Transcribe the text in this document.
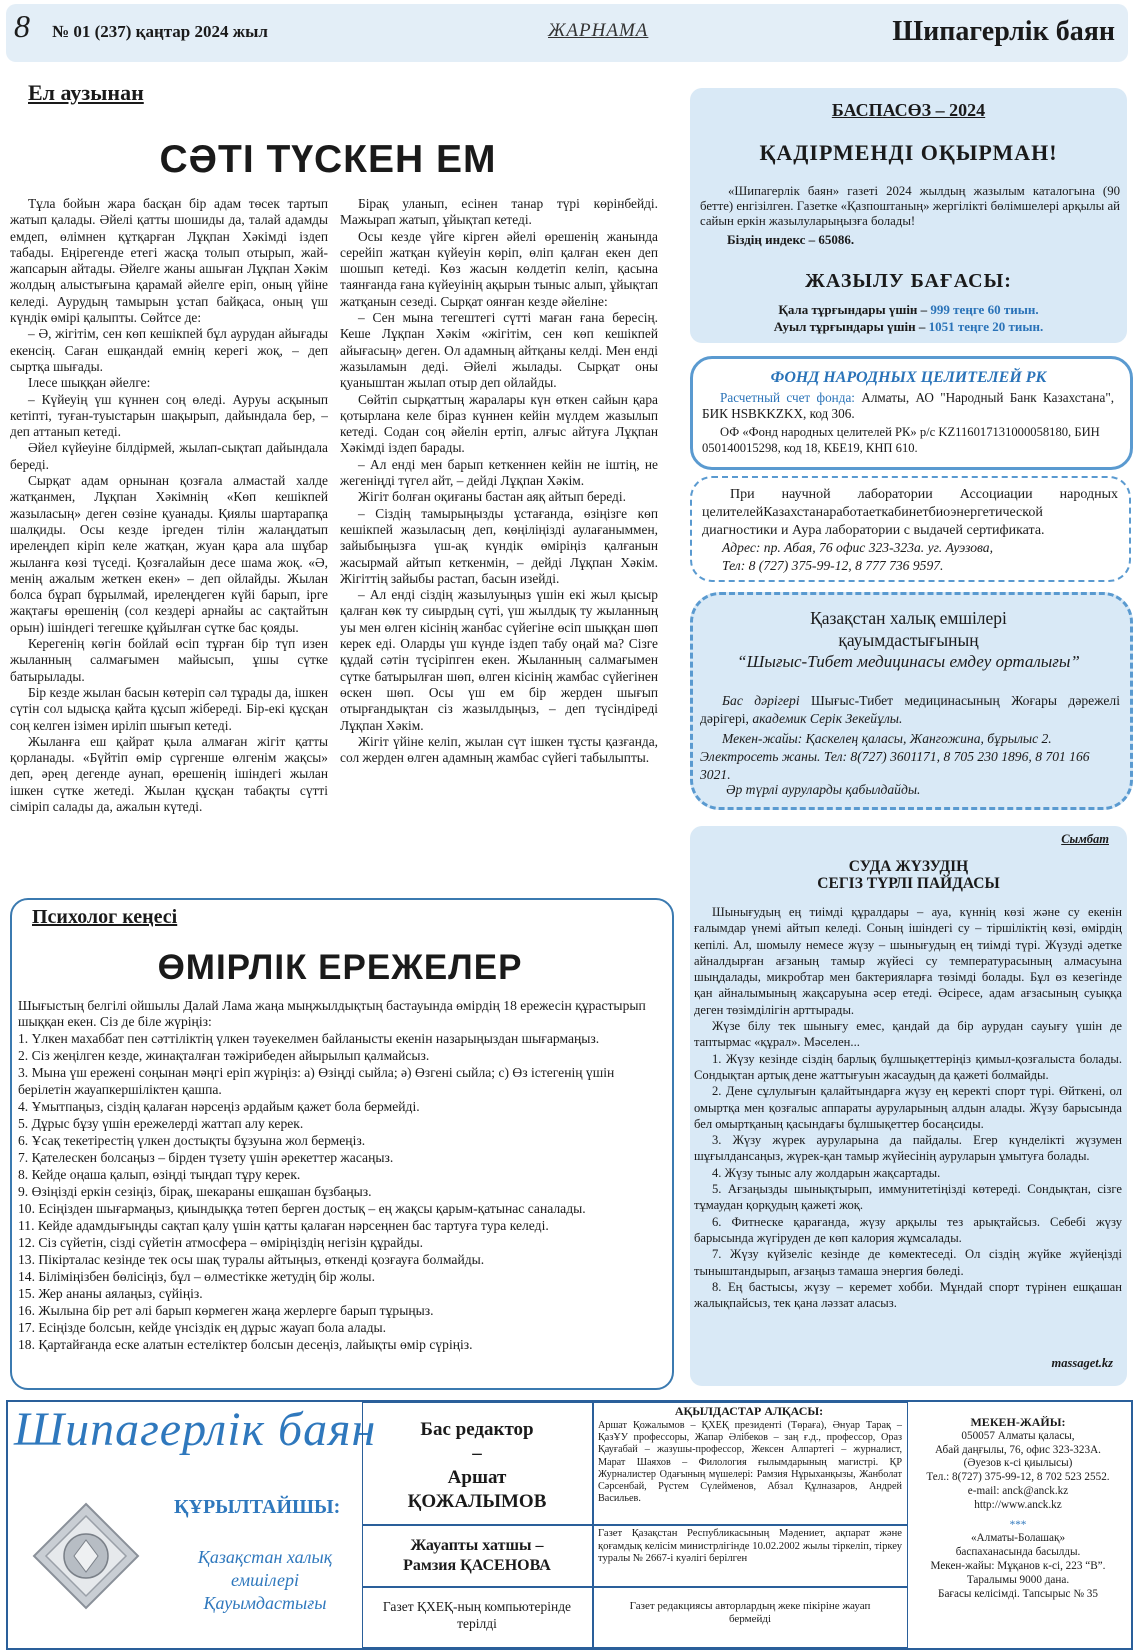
8 № 01 (237) қаңтар 2024 жыл	ЖАРНАМА	Шипагерлік баян
Ел аузынан
СӘТІ ТҮСКЕН ЕМ

Тұла бойын жара басқан бір адам төсек тартып жатып қалады. Әйелі қатты шошиды да, талай адамды емдеп, өлімнен құтқарған Лұқпан Хәкімді іздеп табады. Еңірегенде етегі жасқа толып отырып, жай-жапсарын айтады. Әйелге жаны ашыған Лұқпан Хәкім жолдың алыстығына қарамай әйелге еріп, оның үйіне келеді. Аурудың тамырын ұстап байқаса, оның үш күндік өмірі қалыпты. Сөйтсе де:

– Ә, жігітім, сен көп кешікпей бұл аурудан айығады екенсің. Саған ешқандай емнің керегі жоқ, – деп сыртқа шығады.

Ілесе шыққан әйелге:

– Күйеуің үш күннен соң өледі. Ауруы асқынып кетіпті, туған-туыстарын шақырып, дайындала бер, – деп аттанып кетеді.

Әйел күйеуіне білдірмей, жылап-сықтап дайындала береді.

Сырқат адам орнынан қозғала алмастай халде жатқанмен, Лұқпан Хәкімнің «Көп кешікпей жазыласың» деген сөзіне қуанады. Қиялы шартарапқа шалқиды. Осы кезде іргеден тілін жалаңдатып ирелеңдеп кіріп келе жатқан, жуан қара ала шұбар жыланға көзі түседі. Қозғалайын десе шама жоқ. «Ә, менің ажалым жеткен екен» – деп ойлайды. Жылан болса бұрап бұрылмай, ирелеңдеген күйі барып, ірге жақтағы өрешенің (сол кездері арнайы ас сақтайтын орын) ішіндегі тегешке құйылған сүтке бас қояды.

Керегенің көгін бойлай өсіп тұрған бір түп изен жыланның салмағымен майысып, ұшы сүтке батырылады.

Бір кезде жылан басын көтеріп сәл тұрады да, ішкен сүтін сол ыдысқа қайта құсып жібереді. Бір-екі құсқан соң келген ізімен иріліп шығып кетеді.

Жыланға еш қайрат қыла алмаған жігіт қатты қорланады. «Бүйтіп өмір сүргенше өлгенім жақсы» деп, әрең дегенде аунап, өрешенің ішіндегі жылан ішкен сүтке жетеді. Жылан құсқан табақты сүтті сіміріп салады да, ажалын күтеді.

Бірақ уланып, есінен танар түрі көрінбейді. Мажырап жатып, ұйықтап кетеді.

Осы кезде үйге кірген әйелі өрешенің жанында серейіп жатқан күйеуін көріп, өліп қалған екен деп шошып кетеді. Көз жасын көлдетіп келіп, қасына таянғанда ғана күйеуінің ақырын тыныс алып, ұйықтап жатқанын сезеді. Сырқат оянған кезде әйеліне:

– Сен мына тегештегі сүтті маған ғана бересің. Кеше Лұқпан Хәкім «жігітім, сен көп кешікпей айығасың» деген. Ол адамның айтқаны келді. Мен енді жазыламын деді. Әйелі жылады. Сырқат оны қуаныштан жылап отыр деп ойлайды.

Сөйтіп сырқаттың жаралары күн өткен сайын қара қотырлана келе біраз күннен кейін мүлдем жазылып кетеді. Содан соң әйелін ертіп, алғыс айтуға Лұқпан Хәкімді іздеп барады.

– Ал енді мен барып кеткеннен кейін не іштің, не жегеніңді түгел айт, – дейді Лұқпан Хәкім.

Жігіт болған оқиғаны бастан аяқ айтып береді.

– Сіздің тамырыңызды ұстағанда, өзіңізге көп кешікпей жазыласың деп, көңіліңізді аулағаныммен, зайыбыңызға үш-ақ күндік өміріңіз қалғанын жасырмай айтып кеткенмін, – дейді Лұқпан Хәкім. Жігіттің зайыбы растап, басын изейді.

– Ал енді сіздің жазылуыңыз үшін екі жыл қысыр қалған көк ту сиырдың сүті, үш жылдық ту жыланның уы мен өлген кісінің жанбас сүйегіне өсіп шыққан шөп керек еді. Оларды үш күнде іздеп табу оңай ма? Сізге құдай сәтін түсіріпген екен. Жыланның салмағымен сүтке батырылған шөп, өлген кісінің жамбас сүйегінен өскен шөп. Осы үш ем бір жерден шығып отырғандықтан сіз жазылдыңыз, – деп түсіндіреді Лұқпан Хәкім.

Жігіт үйіне келіп, жылан сүт ішкен тұсты қазғанда, сол жерден өлген адамның жамбас сүйегі табылыпты.

Психолог кеңесі
ӨМІРЛІК ЕРЕЖЕЛЕР

Шығыстың белгілі ойшылы Далай Лама жаңа мыңжылдықтың бастауында өмірдің 18 ережесін құрастырып шыққан екен. Сіз де біле жүріңіз:

1. Үлкен махаббат пен сәттіліктің үлкен тәуекелмен байланысты екенін назарыңыздан шығармаңыз.

2. Сіз жеңілген кезде, жинақталған тәжірибеден айырылып қалмайсыз.

3. Мына үш ережені соңынан мәңгі еріп жүріңіз: а) Өзіңді сыйла; ә) Өзгені сыйла; с) Өз істегенің үшін берілетін жауапкершіліктен қашпа.

4. Ұмытпаңыз, сіздің қалаған нәрсеңіз әрдайым қажет бола бермейді.

5. Дұрыс бұзу үшін ережелерді жаттап алу керек.

6. Ұсақ текетірестің үлкен достықты бұзуына жол бермеңіз.

7. Қателескен болсаңыз – бірден түзету үшін әрекеттер жасаңыз.

8. Кейде оңаша қалып, өзіңді тыңдап тұру керек.

9. Өзіңізді еркін сезіңіз, бірақ, шекараны ешқашан бұзбаңыз.

10. Есіңізден шығармаңыз, қиындыққа төтеп берген достық – ең жақсы қарым-қатынас саналады.

11. Кейде адамдығыңды сақтап қалу үшін қатты қалаған нәрсеңнен бас тартуға тура келеді.

12. Сіз сүйетін, сізді сүйетін атмосфера – өміріңіздің негізін құрайды.

13. Пікірталас кезінде тек осы шақ туралы айтыңыз, өткенді қозғауға болмайды.

14. Біліміңізбен бөлісіңіз, бұл – өлместікке жетудің бір жолы.

15. Жер ананы аялаңыз, сүйіңіз.

16. Жылына бір рет әлі барып көрмеген жаңа жерлерге барып тұрыңыз.

17. Есіңізде болсын, кейде үнсіздік ең дұрыс жауап бола алады.

18. Қартайғанда еске алатын естеліктер болсын десеңіз, лайықты өмір сүріңіз.

БАСПАСӨЗ – 2024
ҚАДІРМЕНДІ ОҚЫРМАН!
«Шипагерлік баян» газеті 2024 жылдың жазылым каталогына (90 бетте) енгізілген. Газетке «Қазпоштаның» жергілікті бөлімшелері арқылы ай сайын еркін жазылуларыңызға болады!
Біздің индекс – 65086.
ЖАЗЫЛУ БАҒАСЫ:
Қала тұрғындары үшін – 999 теңге 60 тиын.
Ауыл тұрғындары үшін – 1051 теңге 20 тиын.
ФОНД НАРОДНЫХ ЦЕЛИТЕЛЕЙ РК
Расчетный счет фонда: Алматы, АО "Народный Банк Казахстана", БИК HSBKKZKX, код 306.
ОФ «Фонд народных целителей РК» р/с KZ116017131000058180, БИН 050140015298, код 18, КБЕ19, КНП 610.
При научной лаборатории Ассоциации народных целителейКазахстанаработаеткабинетбиоэнергетической диагностики и Аура лаборатории с выдачей сертификата.
Адрес: пр. Абая, 76 офис 323-323а. уг. Ауэзова,
Тел: 8 (727) 375-99-12, 8 777 736 9597.
Қазақстан халық емшілері
қауымдастығының
“Шығыс-Тибет медицинасы емдеу орталығы”
Бас дәрігері Шығыс-Тибет медицинасының Жоғары дәрежелі дәрігері, академик Серік Зекейұлы.
Мекен-жайы: Қаскелең қаласы, Жангожина, бұрылыс 2. Электросеть жаны. Тел: 8(727) 3601171, 8 705 230 1896, 8 701 166 3021.
Әр түрлі ауруларды қабылдайды.
Сымбат
СУДА ЖҮЗУДІҢ
СЕГІЗ ТҮРЛІ ПАЙДАСЫ

Шынығудың ең тиімді құралдары – ауа, күннің көзі және су екенін ғалымдар үнемі айтып келеді. Соның ішіндегі су – тіршіліктің көзі, өмірдің кепілі. Ал, шомылу немесе жүзу – шынығудың ең тиімді түрі. Жүзуді әдетке айналдырған ағзаның тамыр жүйесі су температурасының алмасуына шыңдалады, микробтар мен бактерияларға төзімді болады. Бұл өз кезегінде қан айналымының жақсаруына әсер етеді. Әсіресе, адам ағзасының суыққа деген төзімділігін арттырады.

Жүзе білу тек шынығу емес, қандай да бір аурудан сауығу үшін де таптырмас «құрал». Мәселен...

1. Жүзу кезінде сіздің барлық бұлшықеттеріңіз қимыл-қозғалыста болады. Сондықтан артық дене жаттығуын жасаудың да қажеті болмайды.

2. Дене сұлулығын қалайтындарға жүзу ең керекті спорт түрі. Өйткені, ол омыртқа мен қозғалыс аппараты ауруларының алдын алады. Жүзу барысында бел омыртқаның қасындағы бұлшықеттер босаңсиды.

3. Жүзу жүрек ауруларына да пайдалы. Егер күнделікті жүзумен шұғылдансаңыз, жүрек-қан тамыр жүйесінің ауруларын ұмытуға болады.

4. Жүзу тыныс алу жолдарын жақсартады.

5. Ағзаңызды шынықтырып, иммунитетіңізді көтереді. Сондықтан, сізге тұмаудан қорқудың қажеті жоқ.

6. Фитнеске қарағанда, жүзу арқылы тез арықтайсыз. Себебі жүзу барысында жүгіруден де көп калория жұмсалады.

7. Жүзу күйзеліс кезінде де көмектеседі. Ол сіздің жүйке жүйеңізді тыныштандырып, ағзаңыз тамаша энергия бөледі.

8. Ең бастысы, жүзу – керемет хобби. Мұндай спорт түрінен ешқашан жалықпайсыз, тек қана ләззат аласыз.

massaget.kz
Шипагерлік баян
ҚҰРЫЛТАЙШЫ:
Қазақстан халық
емшілері
Қауымдастығы
Бас редактор
–
Аршат
ҚОЖАЛЫМОВ
Жауапты хатшы –
Рамзия ҚАСЕНОВА
Газет ҚХЕҚ-ның компьютерінде терілді
АҚЫЛДАСТАР АЛҚАСЫ:
Аршат Қожалымов – ҚХЕҚ президенті (Төраға), Әнуар Тарақ – ҚазҰУ профессоры, Жапар Әлібеков – заң ғ.д., профессор, Ораз Қауғабай – жазушы-профессор, Жексен Алпартегі – журналист, Марат Шаяхов – Филология ғылымдарының магистрі. ҚР Журналистер Одағының мүшелері: Рамзия Нұрыханқызы, Жанболат Сәрсенбай, Рүстем Сүлейменов, Абзал Құлназаров, Андрей Васильев.
Газет Қазақстан Республикасының Мәдениет, ақпарат және қоғамдық келісім министрлігінде 10.02.2002 жылы тіркеліп, тіркеу туралы № 2667-і куәлігі берілген
Газет редакциясы авторлардың жеке пікіріне жауап бермейді
МЕКЕН-ЖАЙЫ:
050057 Алматы қаласы,
Абай даңғылы, 76, офис 323-323А.
(Әуезов к-сі қиылысы)
Тел.: 8(727) 375-99-12, 8 702 523 2552.
e-mail: anck@anck.kz
http://www.anck.kz
***
«Алматы-Болашақ»
баспаханасында басылды.
Мекен-жайы: Мұқанов к-сі, 223 “В”.
Таралымы 9000 дана.
Бағасы келісімді. Тапсырыс № 35
